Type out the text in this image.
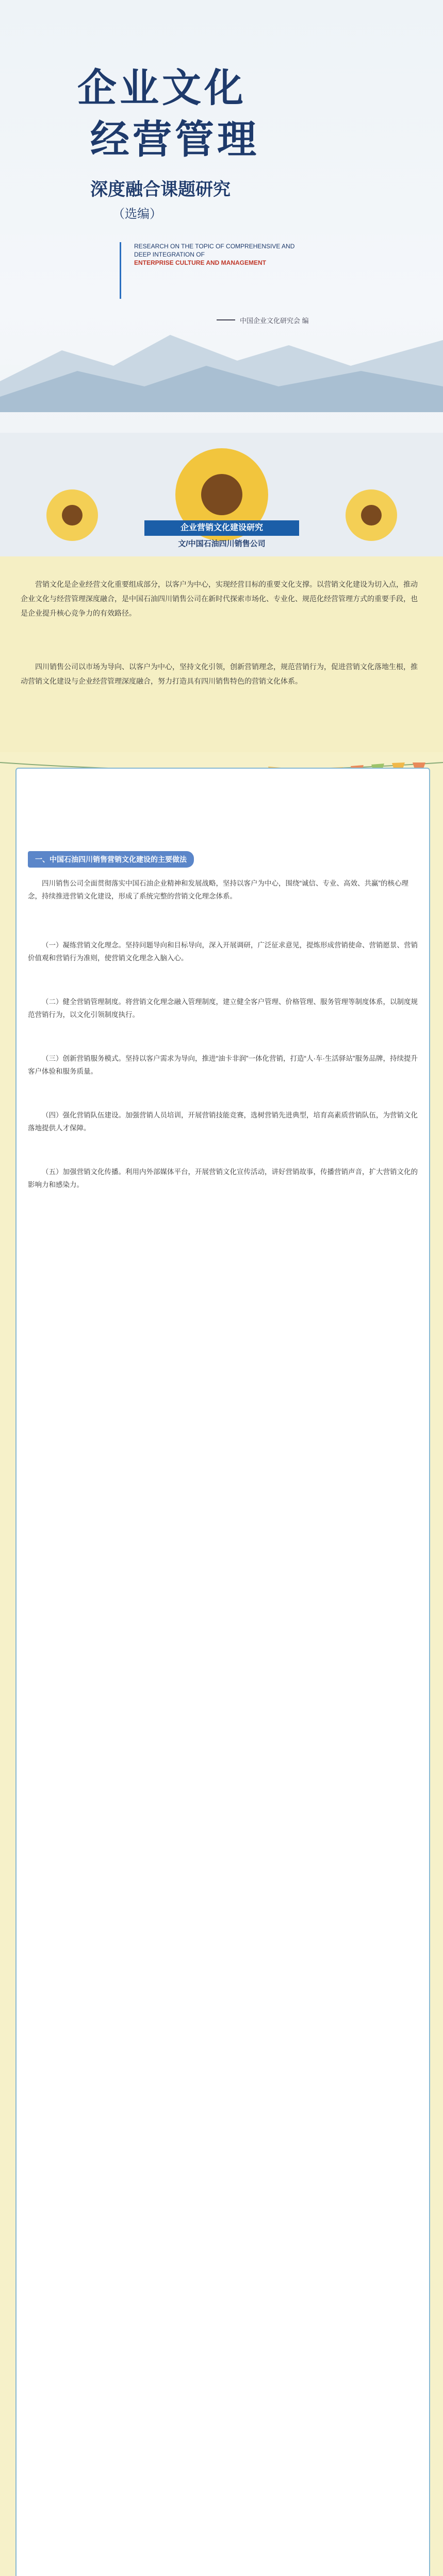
企业文化
经营管理
深度融合课题研究
（选编）
RESEARCH ON THE TOPIC OF COMPREHENSIVE AND DEEP INTEGRATION OF
ENTERPRISE CULTURE AND MANAGEMENT
中国企业文化研究会 编
企业营销文化建设研究
文/中国石油四川销售公司

营销文化是企业经营文化重要组成部分，以客户为中心，实现经营目标的重要文化支撑。以营销文化建设为切入点，推动企业文化与经营管理深度融合，是中国石油四川销售公司在新时代探索市场化、专业化、规范化经营管理方式的重要手段，也是企业提升核心竞争力的有效路径。

四川销售公司以市场为导向、以客户为中心，坚持文化引领，创新营销理念，规范营销行为，促进营销文化落地生根，推动营销文化建设与企业经营管理深度融合，努力打造具有四川销售特色的营销文化体系。

一、中国石油四川销售营销文化建设的主要做法

四川销售公司全面贯彻落实中国石油企业精神和发展战略，坚持以客户为中心，围绕“诚信、专业、高效、共赢”的核心理念，持续推进营销文化建设，形成了系统完整的营销文化理念体系。

（一）凝练营销文化理念。坚持问题导向和目标导向，深入开展调研，广泛征求意见，提炼形成营销使命、营销愿景、营销价值观和营销行为准则，使营销文化理念入脑入心。

（二）健全营销管理制度。将营销文化理念融入管理制度，建立健全客户管理、价格管理、服务管理等制度体系，以制度规范营销行为，以文化引领制度执行。

（三）创新营销服务模式。坚持以客户需求为导向，推进“油卡非润”一体化营销，打造“人·车·生活驿站”服务品牌，持续提升客户体验和服务质量。

（四）强化营销队伍建设。加强营销人员培训，开展营销技能竞赛，选树营销先进典型，培育高素质营销队伍，为营销文化落地提供人才保障。

（五）加强营销文化传播。利用内外部媒体平台，开展营销文化宣传活动，讲好营销故事，传播营销声音，扩大营销文化的影响力和感染力。
